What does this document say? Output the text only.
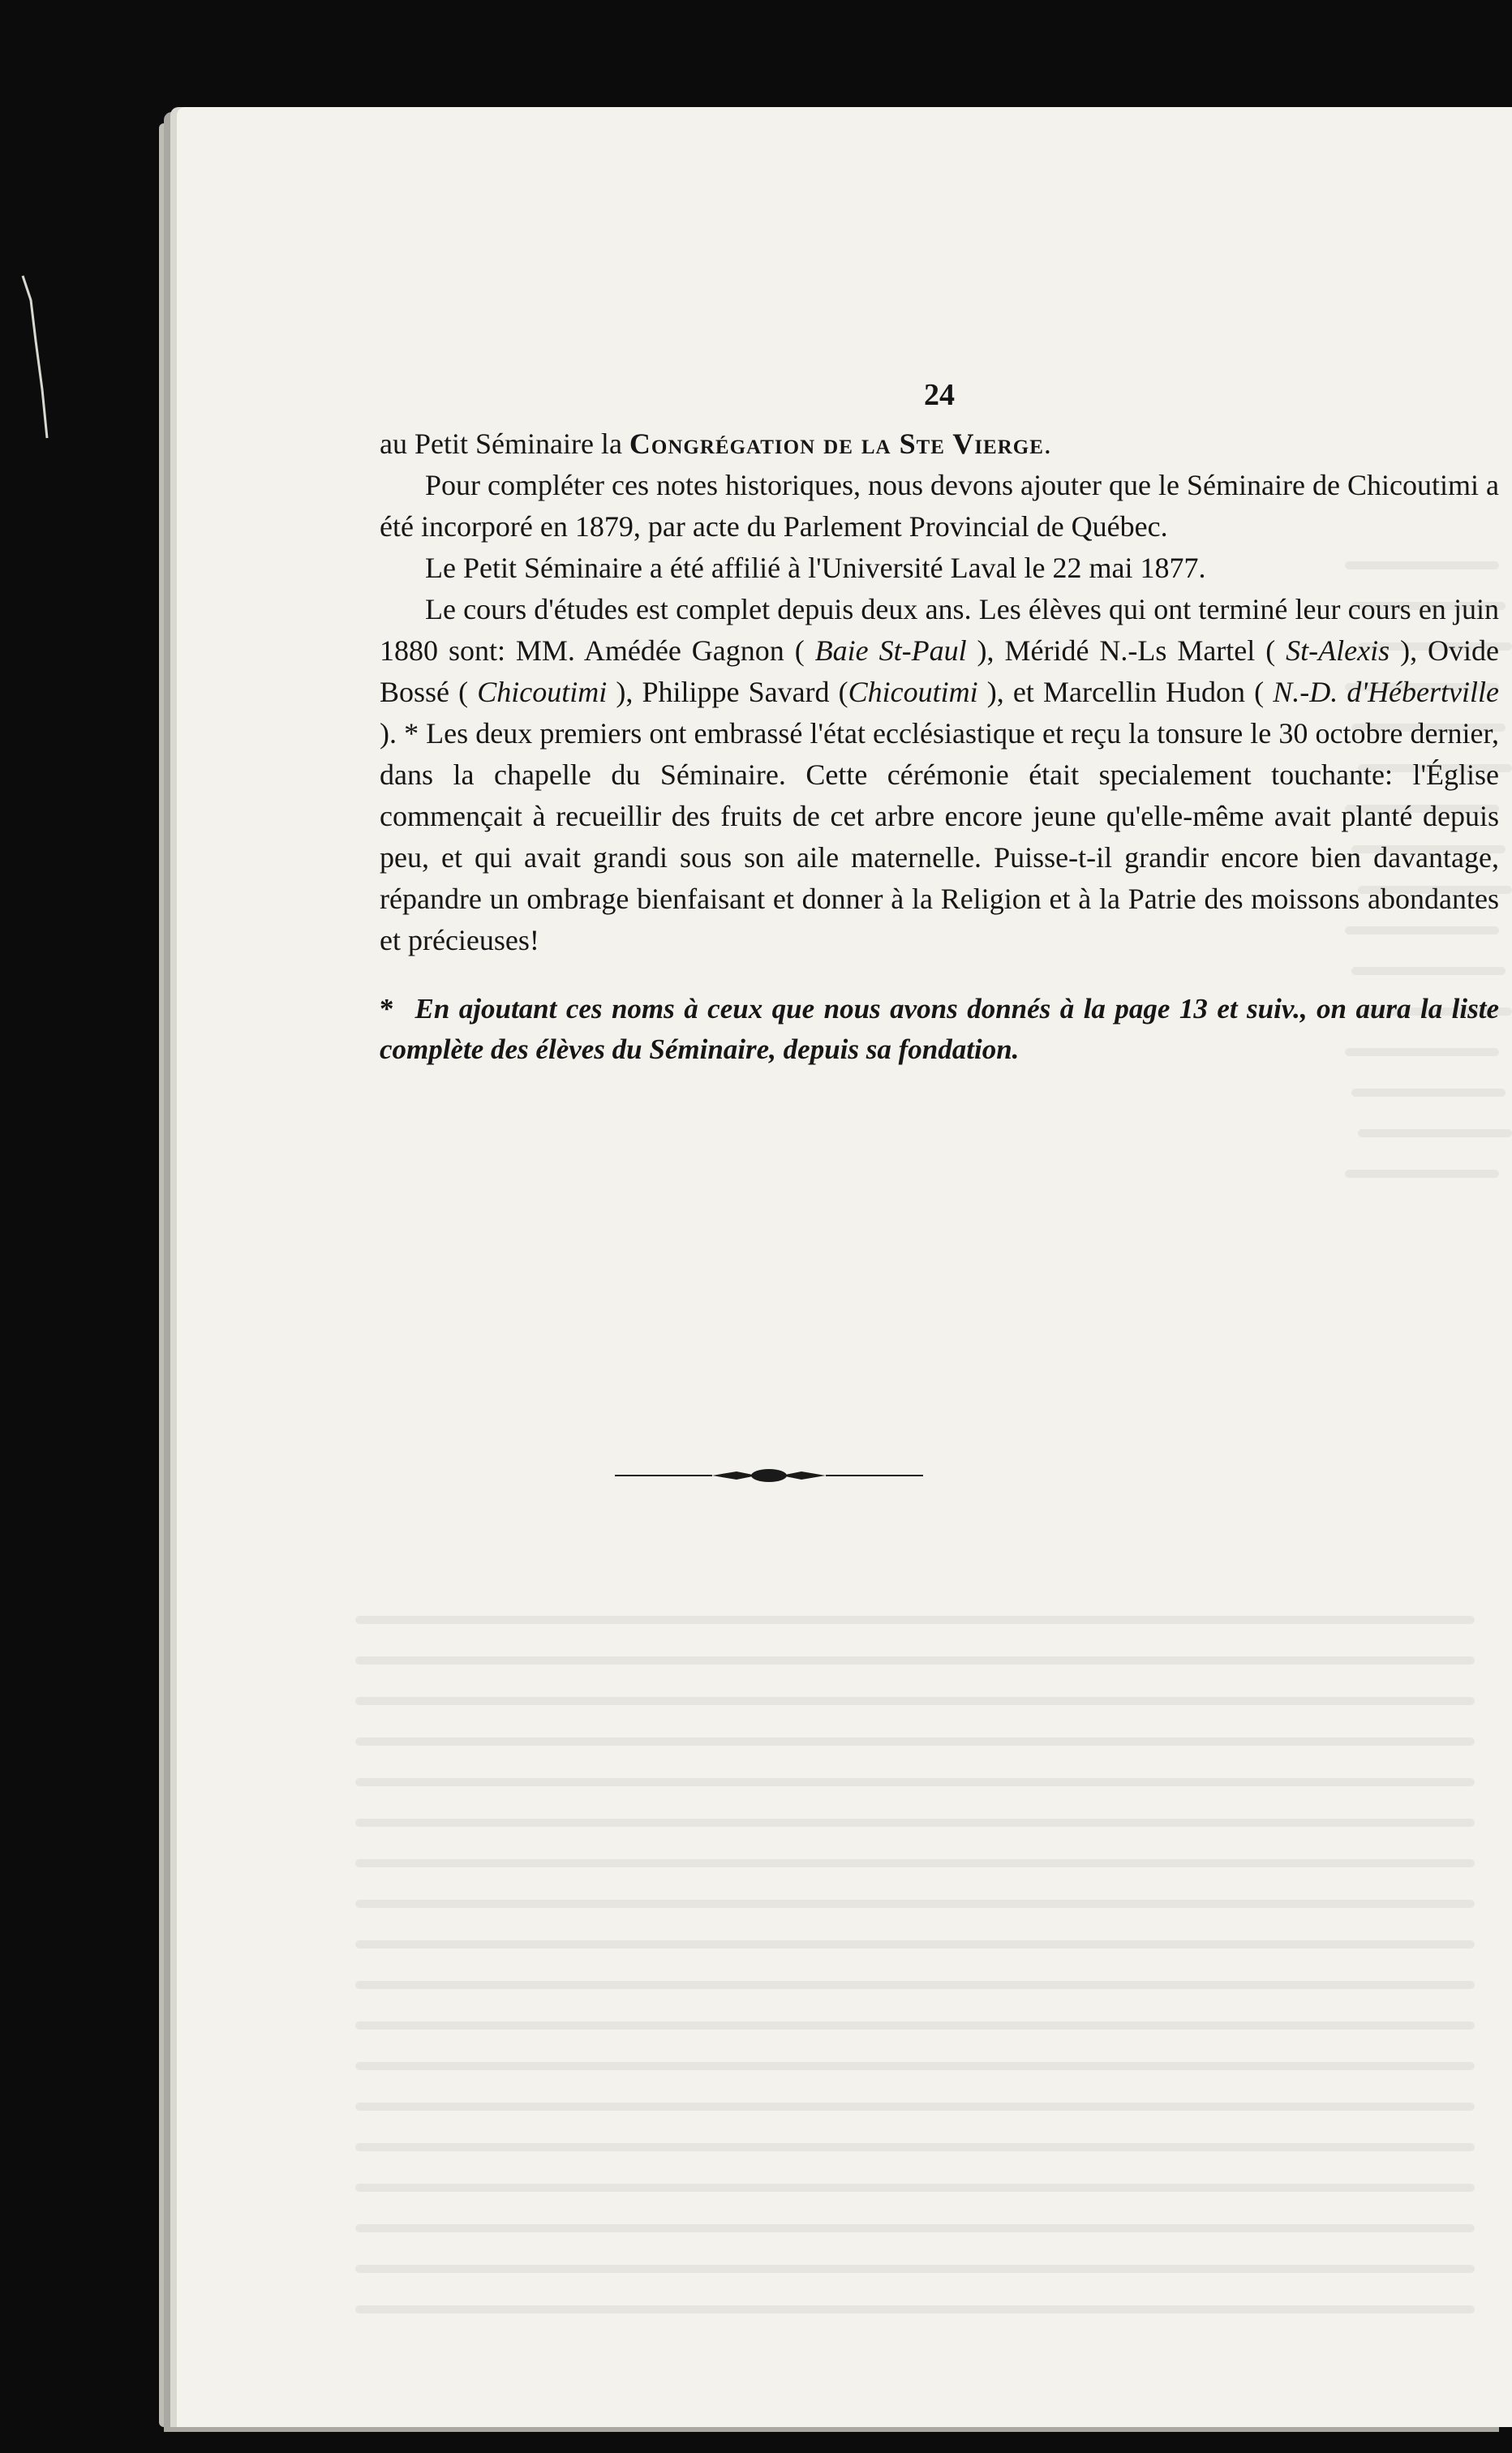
24

au Petit Séminaire la Congrégation de la Ste Vierge.

Pour compléter ces notes historiques, nous devons ajouter que le Séminaire de Chicoutimi a été incorporé en 1879, par acte du Parlement Provincial de Québec.

Le Petit Séminaire a été affilié à l'Université Laval le 22 mai 1877.

Le cours d'études est complet depuis deux ans. Les élèves qui ont terminé leur cours en juin 1880 sont: MM. Amédée Gagnon ( Baie St-Paul ), Méridé N.-Ls Martel ( St-Alexis ), Ovide Bossé ( Chicoutimi ), Philippe Savard (Chicoutimi ), et Marcellin Hudon ( N.-D. d'Hébertville ). * Les deux premiers ont embrassé l'état ecclésiastique et reçu la tonsure le 30 octobre dernier, dans la chapelle du Séminaire. Cette cérémonie était specialement touchante: l'Église commençait à recueillir des fruits de cet arbre encore jeune qu'elle-même avait planté depuis peu, et qui avait grandi sous son aile maternelle. Puisse-t-il grandir encore bien davantage, répandre un ombrage bienfaisant et donner à la Religion et à la Patrie des moissons abondantes et précieuses!

* En ajoutant ces noms à ceux que nous avons donnés à la page 13 et suiv., on aura la liste complète des élèves du Séminaire, depuis sa fondation.
